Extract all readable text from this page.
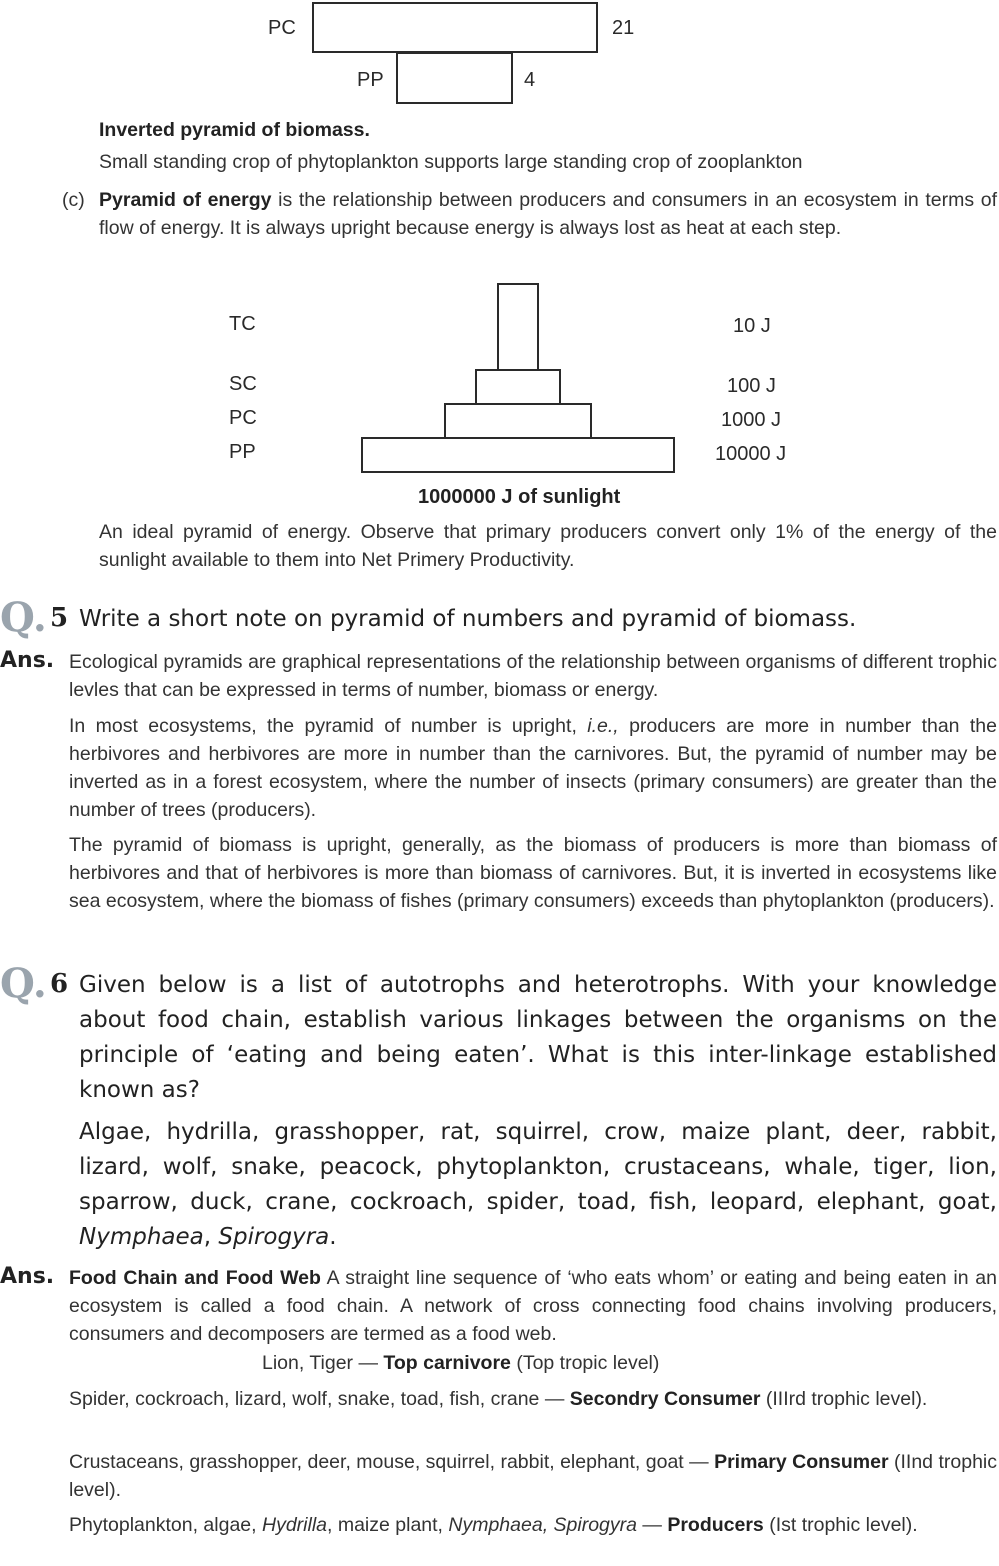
PC	21
PP	4
Inverted pyramid of biomass.
Small standing crop of phytoplankton supports large standing crop of zooplankton
(c) Pyramid of energy is the relationship between producers and consumers in an ecosystem in terms of flow of energy. It is always upright because energy is always lost as heat at each step.
TC
SC
PC
PP
10 J
100 J
1000 J
10000 J
1000000 J of sunlight
An ideal pyramid of energy. Observe that primary producers convert only 1% of the energy of the sunlight available to them into Net Primery Productivity.
Q. 5 Write a short note on pyramid of numbers and pyramid of biomass.
Ans. Ecological pyramids are graphical representations of the relationship between organisms of different trophic levles that can be expressed in terms of number, biomass or energy.
In most ecosystems, the pyramid of number is upright, i.e., producers are more in number than the herbivores and herbivores are more in number than the carnivores. But, the pyramid of number may be inverted as in a forest ecosystem, where the number of insects (primary consumers) are greater than the number of trees (producers).
The pyramid of biomass is upright, generally, as the biomass of producers is more than biomass of herbivores and that of herbivores is more than biomass of carnivores. But, it is inverted in ecosystems like sea ecosystem, where the biomass of fishes (primary consumers) exceeds than phytoplankton (producers).
Q. 6 Given below is a list of autotrophs and heterotrophs. With your knowledge about food chain, establish various linkages between the organisms on the principle of ‘eating and being eaten’. What is this inter-linkage established known as?
Algae, hydrilla, grasshopper, rat, squirrel, crow, maize plant, deer, rabbit, lizard, wolf, snake, peacock, phytoplankton, crustaceans, whale, tiger, lion, sparrow, duck, crane, cockroach, spider, toad, fish, leopard, elephant, goat, Nymphaea, Spirogyra.
Ans. Food Chain and Food Web A straight line sequence of ‘who eats whom’ or eating and being eaten in an ecosystem is called a food chain. A network of cross connecting food chains involving producers, consumers and decomposers are termed as a food web.
Lion, Tiger — Top carnivore (Top tropic level)
Spider, cockroach, lizard, wolf, snake, toad, fish, crane — Secondry Consumer (IIIrd trophic level).
Crustaceans, grasshopper, deer, mouse, squirrel, rabbit, elephant, goat — Primary Consumer (IInd trophic level).
Phytoplankton, algae, Hydrilla, maize plant, Nymphaea, Spirogyra — Producers (Ist trophic level).
